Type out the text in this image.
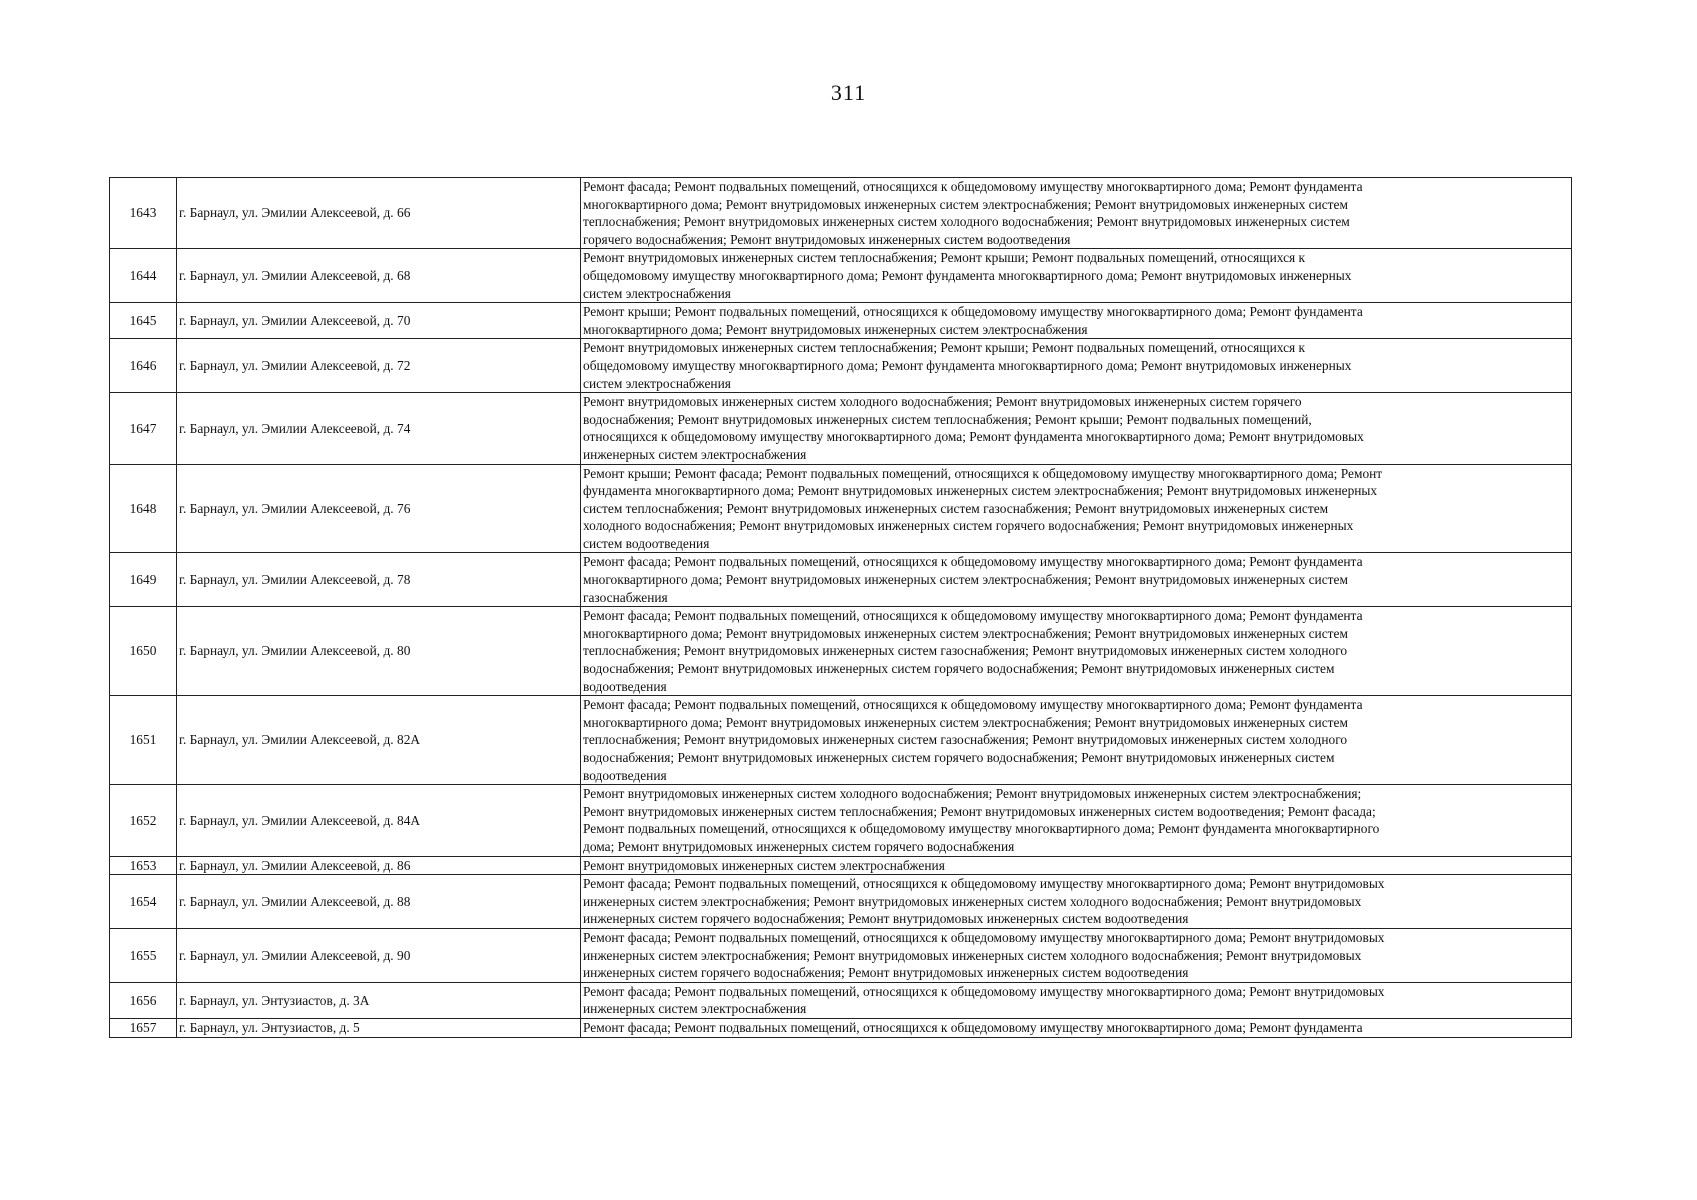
311
1643	г. Барнаул, ул. Эмилии Алексеевой, д. 66	Ремонт фасада; Ремонт подвальных помещений, относящихся к общедомовому имуществу многоквартирного дома; Ремонт фундамента
многоквартирного дома; Ремонт внутридомовых инженерных систем электроснабжения; Ремонт внутридомовых инженерных систем
теплоснабжения; Ремонт внутридомовых инженерных систем холодного водоснабжения; Ремонт внутридомовых инженерных систем
горячего водоснабжения; Ремонт внутридомовых инженерных систем водоотведения

1644	г. Барнаул, ул. Эмилии Алексеевой, д. 68	Ремонт внутридомовых инженерных систем теплоснабжения; Ремонт крыши; Ремонт подвальных помещений, относящихся к
общедомовому имуществу многоквартирного дома; Ремонт фундамента многоквартирного дома; Ремонт внутридомовых инженерных
систем электроснабжения

1645	г. Барнаул, ул. Эмилии Алексеевой, д. 70	Ремонт крыши; Ремонт подвальных помещений, относящихся к общедомовому имуществу многоквартирного дома; Ремонт фундамента
многоквартирного дома; Ремонт внутридомовых инженерных систем электроснабжения

1646	г. Барнаул, ул. Эмилии Алексеевой, д. 72	Ремонт внутридомовых инженерных систем теплоснабжения; Ремонт крыши; Ремонт подвальных помещений, относящихся к
общедомовому имуществу многоквартирного дома; Ремонт фундамента многоквартирного дома; Ремонт внутридомовых инженерных
систем электроснабжения

1647	г. Барнаул, ул. Эмилии Алексеевой, д. 74	Ремонт внутридомовых инженерных систем холодного водоснабжения; Ремонт внутридомовых инженерных систем горячего
водоснабжения; Ремонт внутридомовых инженерных систем теплоснабжения; Ремонт крыши; Ремонт подвальных помещений,
относящихся к общедомовому имуществу многоквартирного дома; Ремонт фундамента многоквартирного дома; Ремонт внутридомовых
инженерных систем электроснабжения

1648	г. Барнаул, ул. Эмилии Алексеевой, д. 76	Ремонт крыши; Ремонт фасада; Ремонт подвальных помещений, относящихся к общедомовому имуществу многоквартирного дома; Ремонт
фундамента многоквартирного дома; Ремонт внутридомовых инженерных систем электроснабжения; Ремонт внутридомовых инженерных
систем теплоснабжения; Ремонт внутридомовых инженерных систем газоснабжения; Ремонт внутридомовых инженерных систем
холодного водоснабжения; Ремонт внутридомовых инженерных систем горячего водоснабжения; Ремонт внутридомовых инженерных
систем водоотведения

1649	г. Барнаул, ул. Эмилии Алексеевой, д. 78	Ремонт фасада; Ремонт подвальных помещений, относящихся к общедомовому имуществу многоквартирного дома; Ремонт фундамента
многоквартирного дома; Ремонт внутридомовых инженерных систем электроснабжения; Ремонт внутридомовых инженерных систем
газоснабжения

1650	г. Барнаул, ул. Эмилии Алексеевой, д. 80	Ремонт фасада; Ремонт подвальных помещений, относящихся к общедомовому имуществу многоквартирного дома; Ремонт фундамента
многоквартирного дома; Ремонт внутридомовых инженерных систем электроснабжения; Ремонт внутридомовых инженерных систем
теплоснабжения; Ремонт внутридомовых инженерных систем газоснабжения; Ремонт внутридомовых инженерных систем холодного
водоснабжения; Ремонт внутридомовых инженерных систем горячего водоснабжения; Ремонт внутридомовых инженерных систем
водоотведения

1651	г. Барнаул, ул. Эмилии Алексеевой, д. 82А	Ремонт фасада; Ремонт подвальных помещений, относящихся к общедомовому имуществу многоквартирного дома; Ремонт фундамента
многоквартирного дома; Ремонт внутридомовых инженерных систем электроснабжения; Ремонт внутридомовых инженерных систем
теплоснабжения; Ремонт внутридомовых инженерных систем газоснабжения; Ремонт внутридомовых инженерных систем холодного
водоснабжения; Ремонт внутридомовых инженерных систем горячего водоснабжения; Ремонт внутридомовых инженерных систем
водоотведения

1652	г. Барнаул, ул. Эмилии Алексеевой, д. 84А	Ремонт внутридомовых инженерных систем холодного водоснабжения; Ремонт внутридомовых инженерных систем электроснабжения;
Ремонт внутридомовых инженерных систем теплоснабжения; Ремонт внутридомовых инженерных систем водоотведения; Ремонт фасада;
Ремонт подвальных помещений, относящихся к общедомовому имуществу многоквартирного дома; Ремонт фундамента многоквартирного
дома; Ремонт внутридомовых инженерных систем горячего водоснабжения

1653	г. Барнаул, ул. Эмилии Алексеевой, д. 86	Ремонт внутридомовых инженерных систем электроснабжения

1654	г. Барнаул, ул. Эмилии Алексеевой, д. 88	Ремонт фасада; Ремонт подвальных помещений, относящихся к общедомовому имуществу многоквартирного дома; Ремонт внутридомовых
инженерных систем электроснабжения; Ремонт внутридомовых инженерных систем холодного водоснабжения; Ремонт внутридомовых
инженерных систем горячего водоснабжения; Ремонт внутридомовых инженерных систем водоотведения

1655	г. Барнаул, ул. Эмилии Алексеевой, д. 90	Ремонт фасада; Ремонт подвальных помещений, относящихся к общедомовому имуществу многоквартирного дома; Ремонт внутридомовых
инженерных систем электроснабжения; Ремонт внутридомовых инженерных систем холодного водоснабжения; Ремонт внутридомовых
инженерных систем горячего водоснабжения; Ремонт внутридомовых инженерных систем водоотведения

1656	г. Барнаул, ул. Энтузиастов, д. 3А	Ремонт фасада; Ремонт подвальных помещений, относящихся к общедомовому имуществу многоквартирного дома; Ремонт внутридомовых
инженерных систем электроснабжения

1657	г. Барнаул, ул. Энтузиастов, д. 5	Ремонт фасада; Ремонт подвальных помещений, относящихся к общедомовому имуществу многоквартирного дома; Ремонт фундамента
